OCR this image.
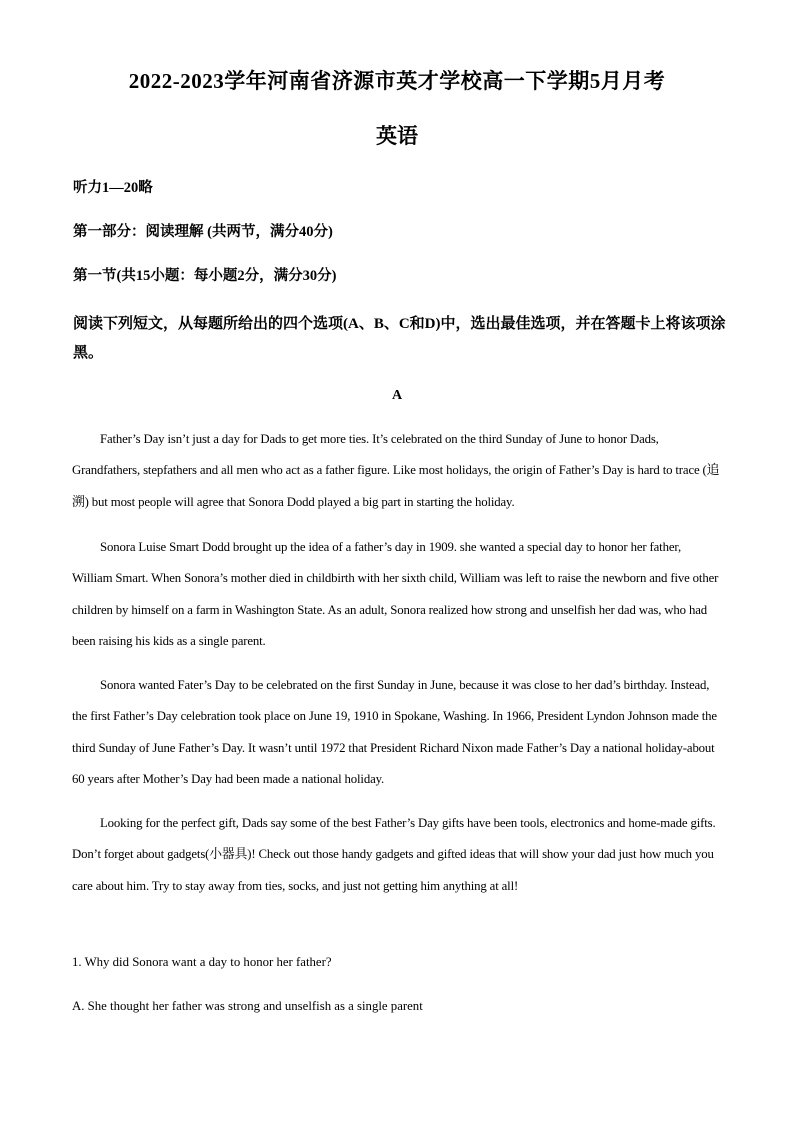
2022-2023学年河南省济源市英才学校高一下学期5月月考
英语
听力1—20略
第一部分：阅读理解 (共两节，满分40分)
第一节(共15小题：每小题2分，满分30分)
阅读下列短文，从每题所给出的四个选项(A、B、C和D)中，选出最佳选项，并在答题卡上将该项涂黑。
A
Father’s Day isn’t just a day for Dads to get more ties. It’s celebrated on the third Sunday of June to honor Dads, Grandfathers, stepfathers and all men who act as a father figure. Like most holidays, the origin of Father’s Day is hard to trace (追溯) but most people will agree that Sonora Dodd played a big part in starting the holiday.
Sonora Luise Smart Dodd brought up the idea of a father’s day in 1909. she wanted a special day to honor her father, William Smart. When Sonora’s mother died in childbirth with her sixth child, William was left to raise the newborn and five other children by himself on a farm in Washington State. As an adult, Sonora realized how strong and unselfish her dad was, who had been raising his kids as a single parent.
Sonora wanted Fater’s Day to be celebrated on the first Sunday in June, because it was close to her dad’s birthday. Instead, the first Father’s Day celebration took place on June 19, 1910 in Spokane, Washing. In 1966, President Lyndon Johnson made the third Sunday of June Father’s Day. It wasn’t until 1972 that President Richard Nixon made Father’s Day a national holiday-about 60 years after Mother’s Day had been made a national holiday.
Looking for the perfect gift, Dads say some of the best Father’s Day gifts have been tools, electronics and home-made gifts. Don’t forget about gadgets(小器具)! Check out those handy gadgets and gifted ideas that will show your dad just how much you care about him. Try to stay away from ties, socks, and just not getting him anything at all!
1. Why did Sonora want a day to honor her father?
A. She thought her father was strong and unselfish as a single parent
